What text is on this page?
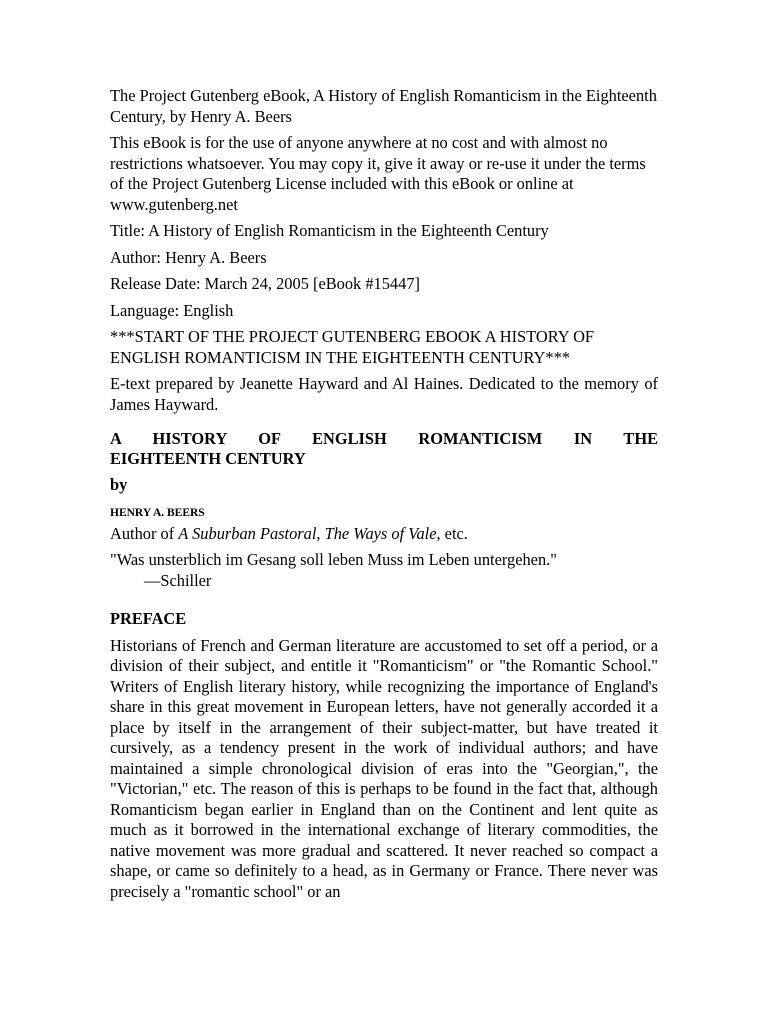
The Project Gutenberg eBook, A History of English Romanticism in the Eighteenth Century, by Henry A. Beers

This eBook is for the use of anyone anywhere at no cost and with almost no restrictions whatsoever. You may copy it, give it away or re-use it under the terms of the Project Gutenberg License included with this eBook or online at www.gutenberg.net

Title: A History of English Romanticism in the Eighteenth Century

Author: Henry A. Beers

Release Date: March 24, 2005 [eBook #15447]

Language: English

***START OF THE PROJECT GUTENBERG EBOOK A HISTORY OF ENGLISH ROMANTICISM IN THE EIGHTEENTH CENTURY***

E-text prepared by Jeanette Hayward and Al Haines. Dedicated to the memory of James Hayward.

A HISTORY OF ENGLISH ROMANTICISM IN THE
EIGHTEENTH CENTURY

by

HENRY A. BEERS

Author of A Suburban Pastoral, The Ways of Vale, etc.

"Was unsterblich im Gesang soll leben Muss im Leben untergehen."

—Schiller

PREFACE

Historians of French and German literature are accustomed to set off a period, or a division of their subject, and entitle it "Romanticism" or "the Romantic School." Writers of English literary history, while recognizing the importance of England's share in this great movement in European letters, have not generally accorded it a place by itself in the arrangement of their subject-matter, but have treated it cursively, as a tendency present in the work of individual authors; and have maintained a simple chronological division of eras into the "Georgian,", the "Victorian," etc. The reason of this is perhaps to be found in the fact that, although Romanticism began earlier in England than on the Continent and lent quite as much as it borrowed in the international exchange of literary commodities, the native movement was more gradual and scattered. It never reached so compact a shape, or came so definitely to a head, as in Germany or France. There never was precisely a "romantic school" or an
